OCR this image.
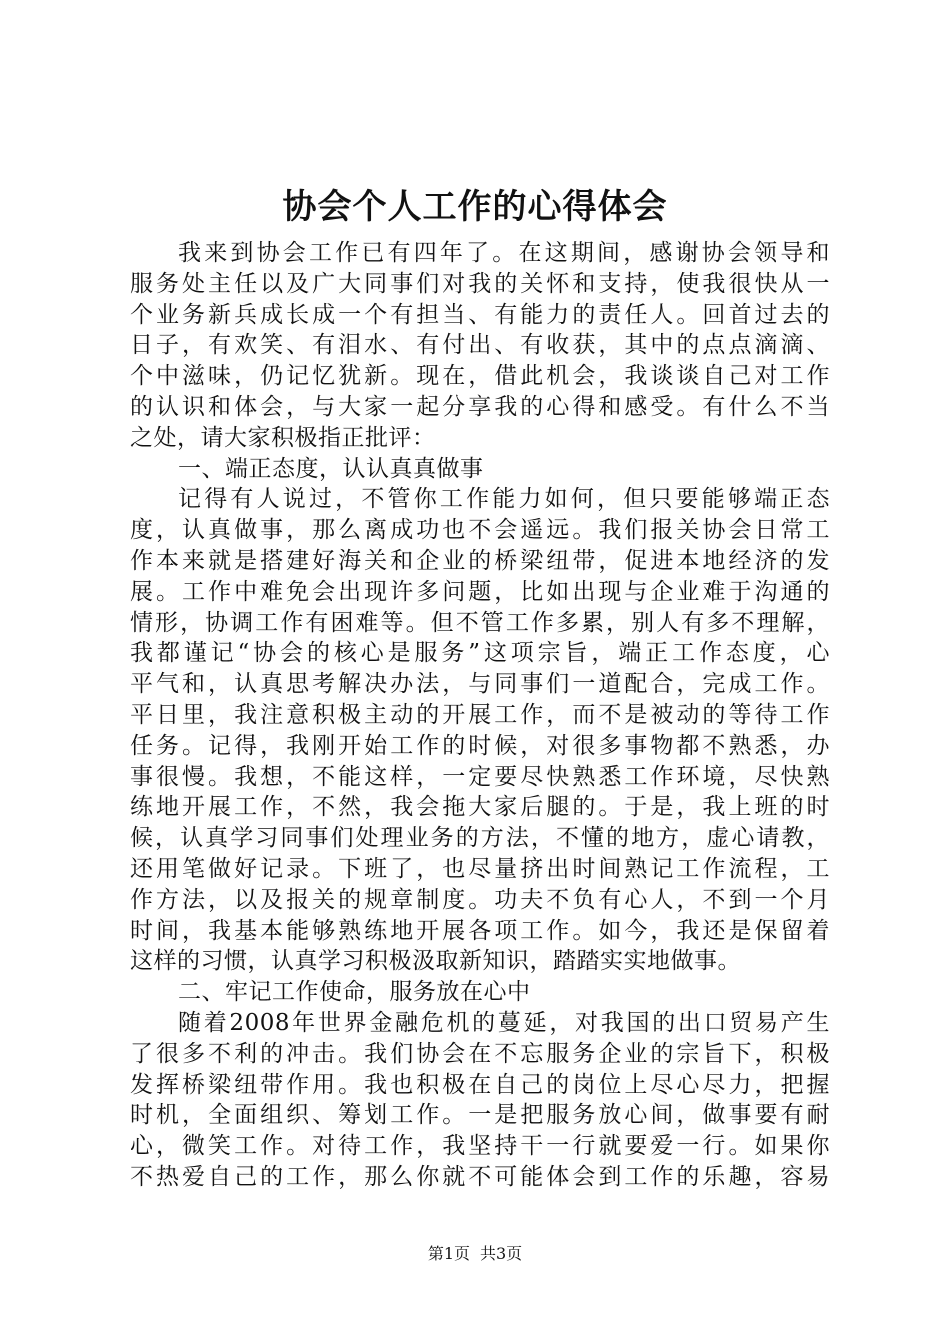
协会个人工作的心得体会
我来到协会工作已有四年了。在这期间，感谢协会领导和
服务处主任以及广大同事们对我的关怀和支持，使我很快从一
个业务新兵成长成一个有担当、有能力的责任人。回首过去的
日子，有欢笑、有泪水、有付出、有收获，其中的点点滴滴、
个中滋味，仍记忆犹新。现在，借此机会，我谈谈自己对工作
的认识和体会，与大家一起分享我的心得和感受。有什么不当
之处，请大家积极指正批评：
一、端正态度，认认真真做事
记得有人说过，不管你工作能力如何，但只要能够端正态
度，认真做事，那么离成功也不会遥远。我们报关协会日常工
作本来就是搭建好海关和企业的桥梁纽带，促进本地经济的发
展。工作中难免会出现许多问题，比如出现与企业难于沟通的
情形，协调工作有困难等。但不管工作多累，别人有多不理解，
我都谨记“协会的核心是服务”这项宗旨，端正工作态度，心
平气和，认真思考解决办法，与同事们一道配合，完成工作。
平日里，我注意积极主动的开展工作，而不是被动的等待工作
任务。记得，我刚开始工作的时候，对很多事物都不熟悉，办
事很慢。我想，不能这样，一定要尽快熟悉工作环境，尽快熟
练地开展工作，不然，我会拖大家后腿的。于是，我上班的时
候，认真学习同事们处理业务的方法，不懂的地方，虚心请教，
还用笔做好记录。下班了，也尽量挤出时间熟记工作流程，工
作方法，以及报关的规章制度。功夫不负有心人，不到一个月
时间，我基本能够熟练地开展各项工作。如今，我还是保留着
这样的习惯，认真学习积极汲取新知识，踏踏实实地做事。
二、牢记工作使命，服务放在心中
随着2008年世界金融危机的蔓延，对我国的出口贸易产生
了很多不利的冲击。我们协会在不忘服务企业的宗旨下，积极
发挥桥梁纽带作用。我也积极在自己的岗位上尽心尽力，把握
时机，全面组织、筹划工作。一是把服务放心间，做事要有耐
心，微笑工作。对待工作，我坚持干一行就要爱一行。如果你
不热爱自己的工作，那么你就不可能体会到工作的乐趣，容易
第1页 共3页
